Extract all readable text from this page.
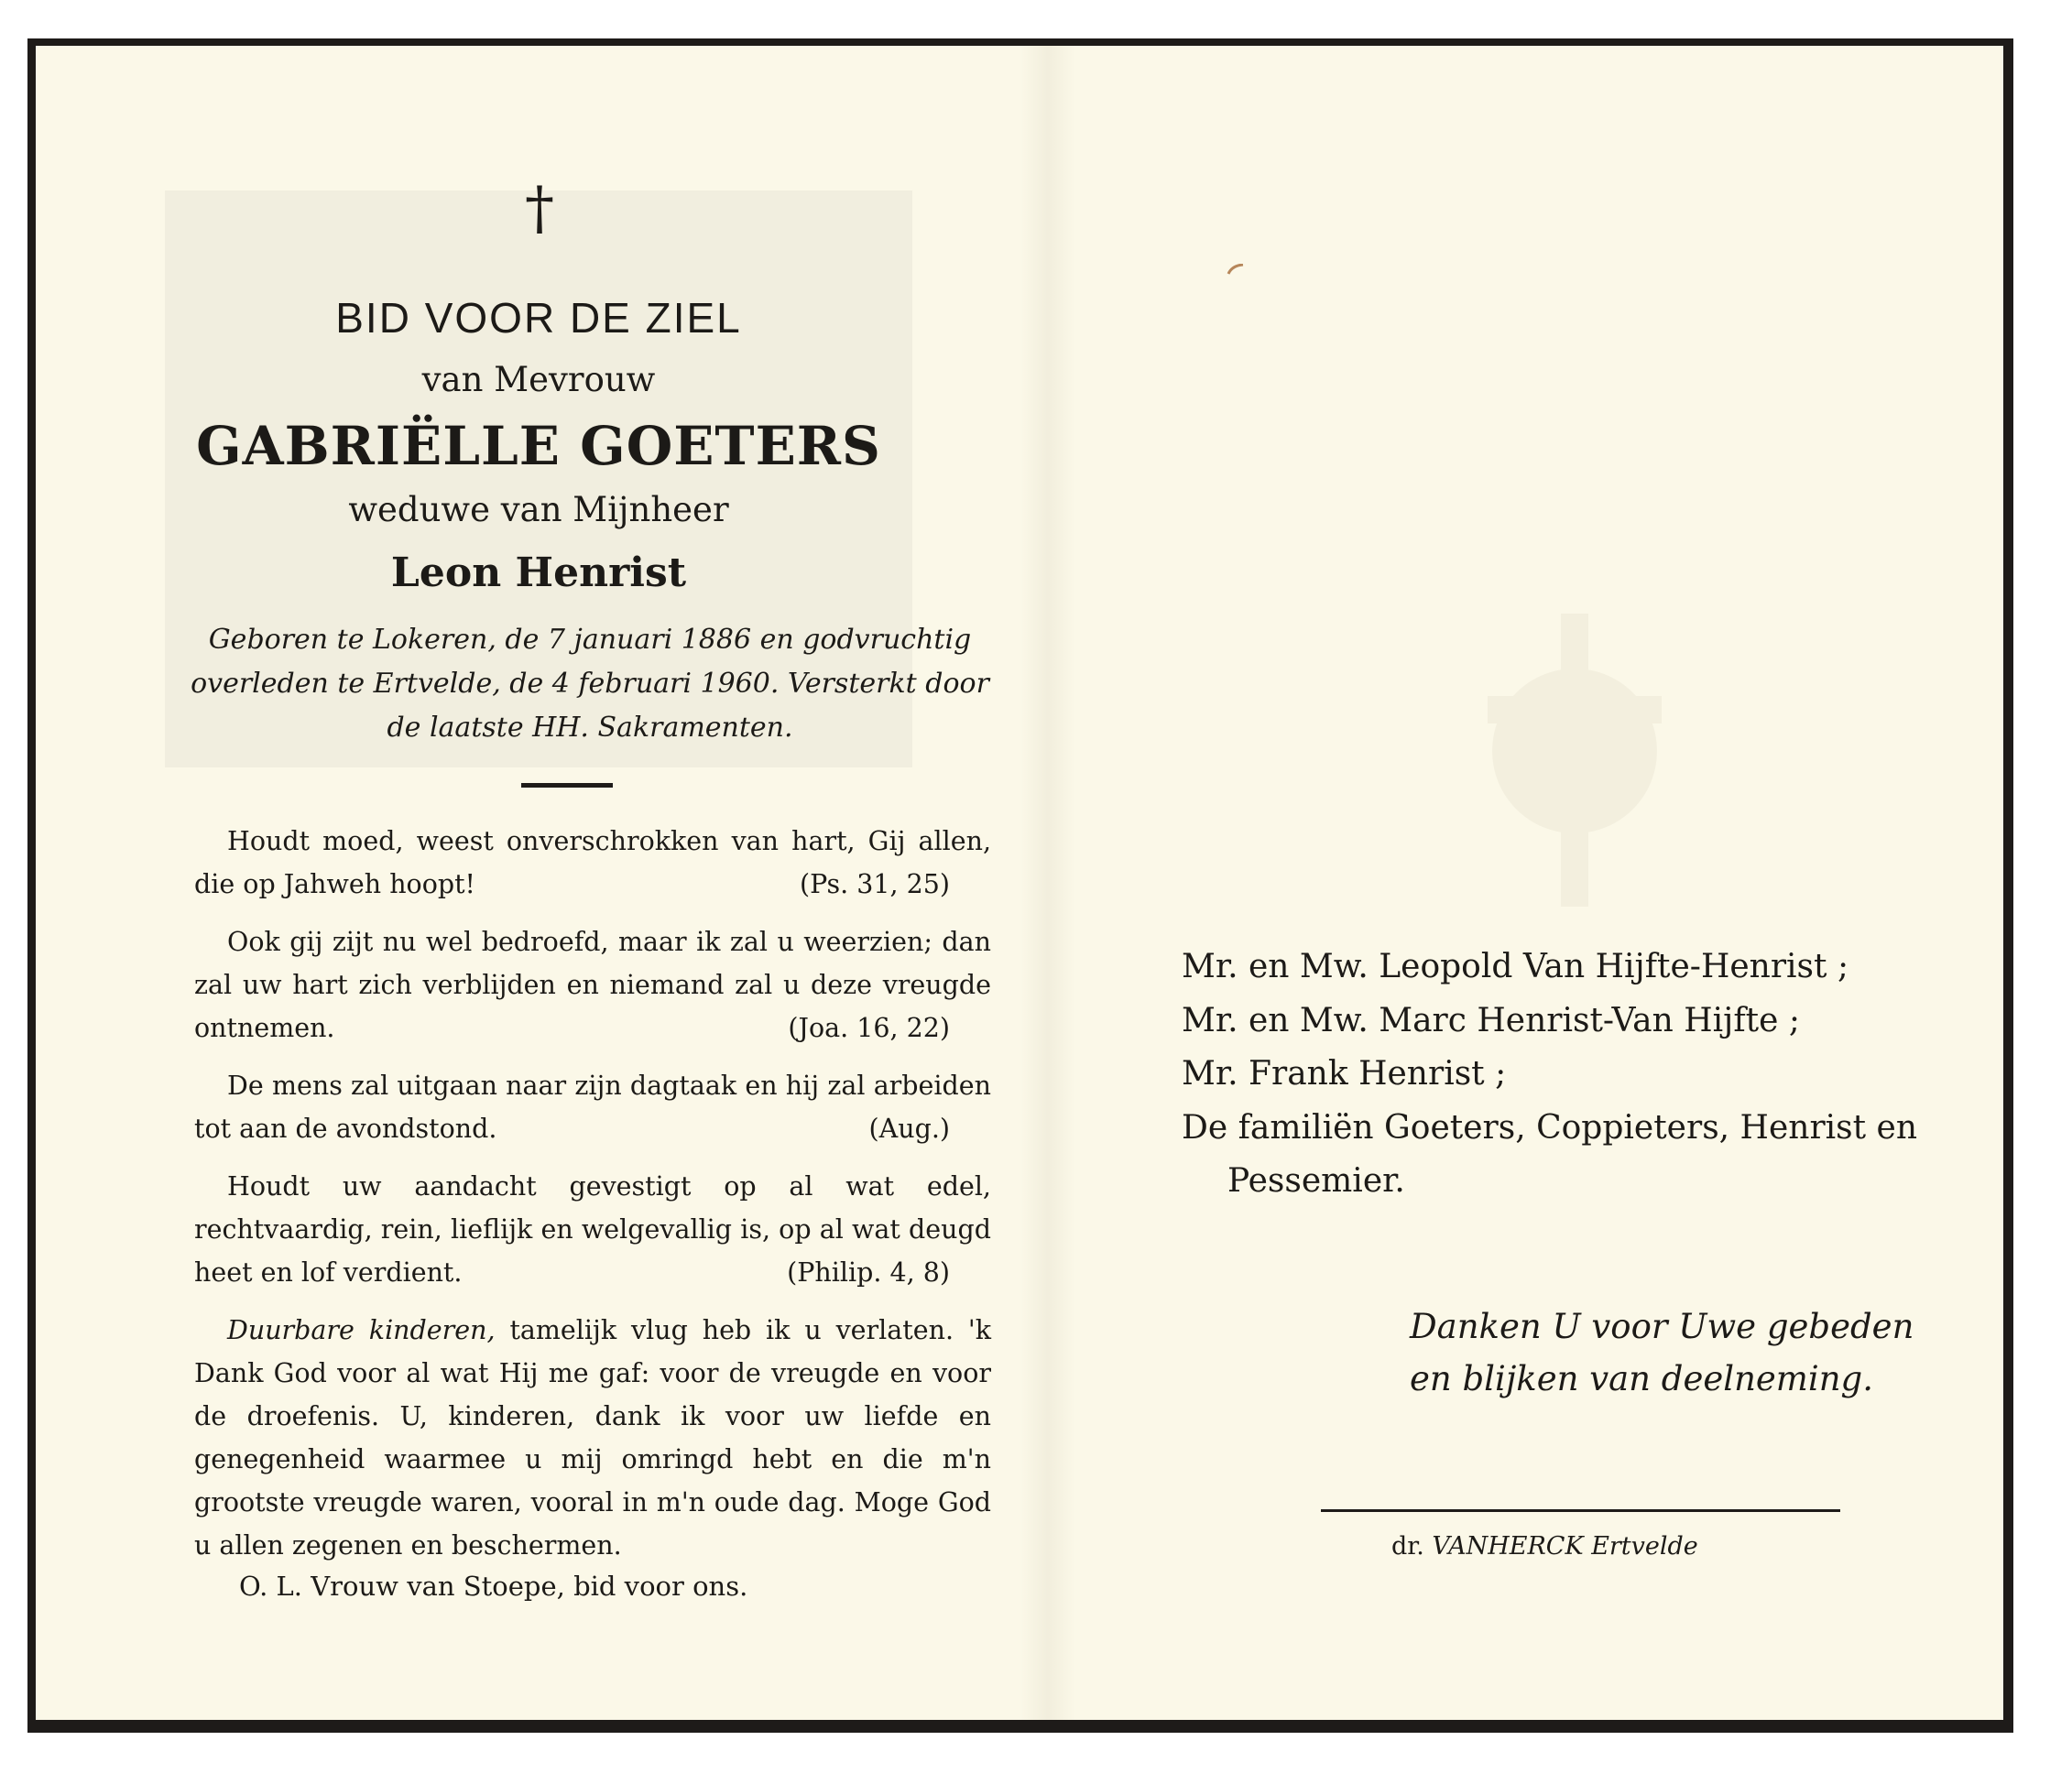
†
BID VOOR DE ZIEL
van Mevrouw
GABRIËLLE GOETERS
weduwe van Mijnheer
Leon Henrist
Geboren te Lokeren, de 7 januari 1886 en godvruchtig overleden te Ertvelde, de 4 februari 1960. Versterkt door de laatste HH. Sakramenten.
Houdt moed, weest onverschrokken van hart, Gij allen, die op Jahweh hoopt!	(Ps. 31, 25)
Ook gij zijt nu wel bedroefd, maar ik zal u weerzien; dan zal uw hart zich verblijden en niemand zal u deze vreugde ontnemen.	(Joa. 16, 22)
De mens zal uitgaan naar zijn dagtaak en hij zal arbeiden tot aan de avondstond.	(Aug.)
Houdt uw aandacht gevestigt op al wat edel, rechtvaardig, rein, lieflijk en welgevallig is, op al wat deugd heet en lof verdient.	(Philip. 4, 8)
Duurbare kinderen, tamelijk vlug heb ik u verlaten. 'k Dank God voor al wat Hij me gaf: voor de vreugde en voor de droefenis. U, kinderen, dank ik voor uw liefde en genegenheid waarmee u mij omringd hebt en die m'n grootste vreugde waren, vooral in m'n oude dag. Moge God u allen zegenen en beschermen.
O. L. Vrouw van Stoepe, bid voor ons.
Mr. en Mw. Leopold Van Hijfte-Henrist ;
Mr. en Mw. Marc Henrist-Van Hijfte ;
Mr. Frank Henrist ;
De familiën Goeters, Coppieters, Henrist en
Pessemier.
Danken U voor Uwe gebeden
en blijken van deelneming.
dr. VANHERCK Ertvelde
